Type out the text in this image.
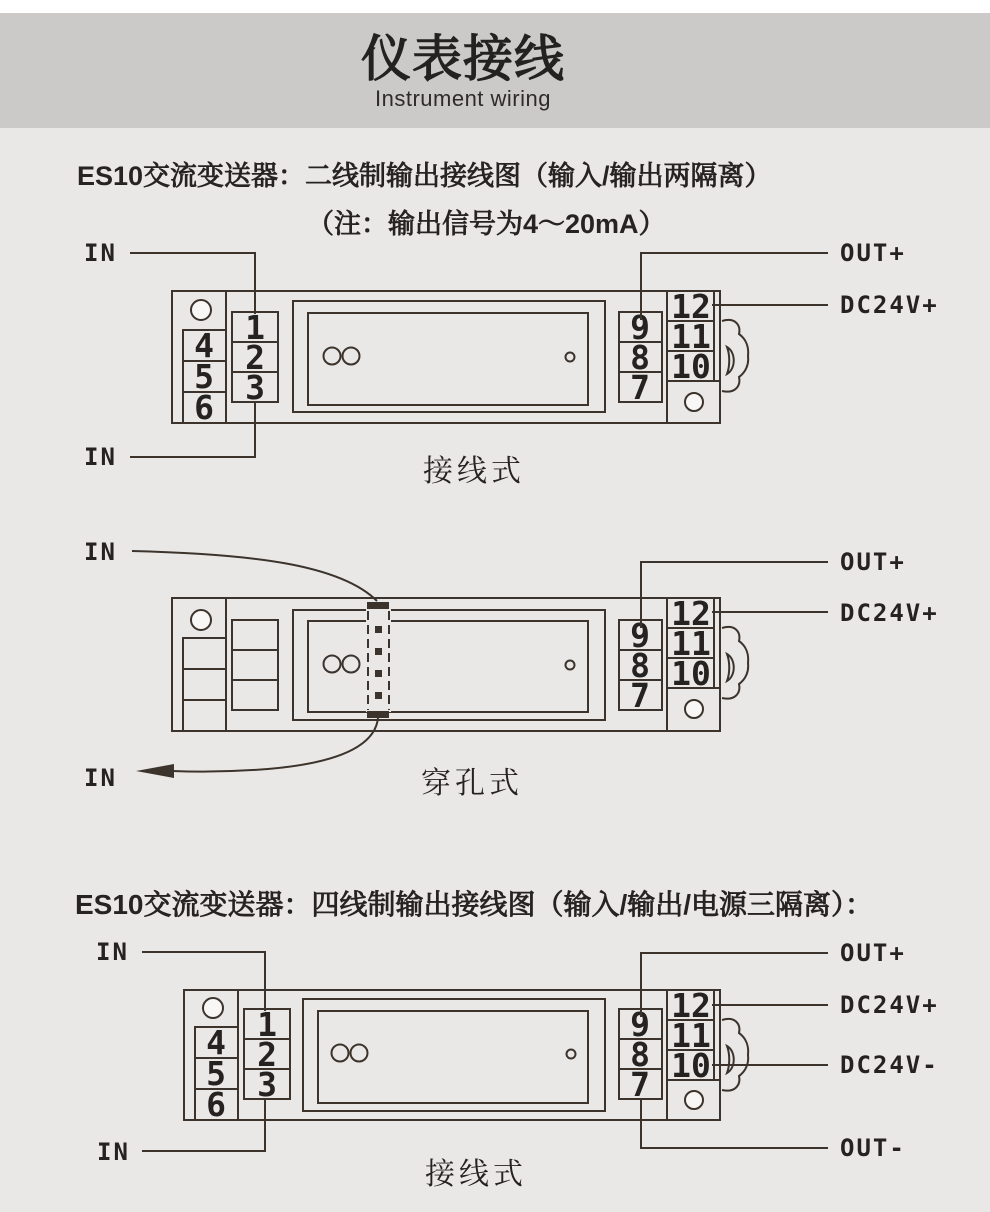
仪表接线
Instrument wiring
ES10交流变送器：二线制输出接线图（输入/输出两隔离）
（注：输出信号为4～20mA）
ES10交流变送器：四线制输出接线图（输入/输出/电源三隔离）：
4
5
6
1
2
3
9
8
7
12
11
10
IN
IN
OUT+
DC24V+
接线式
9
8
7
12
11
10
IN
IN
OUT+
DC24V+
穿孔式
4
5
6
1
2
3
9
8
7
12
11
10
IN
IN
OUT+
DC24V+
DC24V-
OUT-
接线式
